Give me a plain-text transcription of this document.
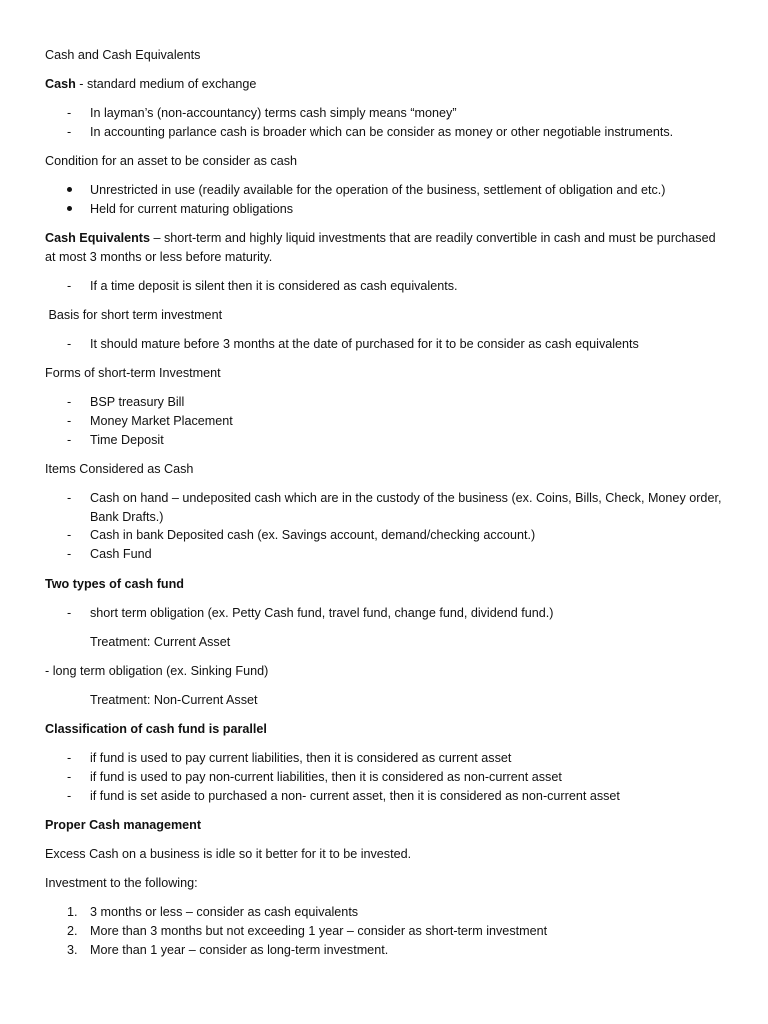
Cash and Cash Equivalents
Cash - standard medium of exchange
-	In layman’s (non-accountancy) terms cash simply means “money”
-	In accounting parlance cash is broader which can be consider as money or other negotiable instruments.
Condition for an asset to be consider as cash
Unrestricted in use (readily available for the operation of the business, settlement of obligation and etc.)
Held for current maturing obligations
Cash Equivalents – short-term and highly liquid investments that are readily convertible in cash and must be purchased at most 3 months or less before maturity.
-	If a time deposit is silent then it is considered as cash equivalents.
Basis for short term investment
-	It should mature before 3 months at the date of purchased for it to be consider as cash equivalents
Forms of short-term Investment
-	BSP treasury Bill
-	Money Market Placement
-	Time Deposit
Items Considered as Cash
-	Cash on hand – undeposited cash which are in the custody of the business (ex. Coins, Bills, Check, Money order, Bank Drafts.)
-	Cash in bank Deposited cash (ex. Savings account, demand/checking account.)
-	Cash Fund
Two types of cash fund
-	short term obligation (ex. Petty Cash fund, travel fund, change fund, dividend fund.)
Treatment: Current Asset
- long term obligation (ex. Sinking Fund)
Treatment: Non-Current Asset
Classification of cash fund is parallel
-	if fund is used to pay current liabilities, then it is considered as current asset
-	if fund is used to pay non-current liabilities, then it is considered as non-current asset
-	if fund is set aside to purchased a non- current asset, then it is considered as non-current asset
Proper Cash management
Excess Cash on a business is idle so it better for it to be invested.
Investment to the following:
1. 3 months or less – consider as cash equivalents
2. More than 3 months but not exceeding 1 year – consider as short-term investment
3. More than 1 year – consider as long-term investment.
